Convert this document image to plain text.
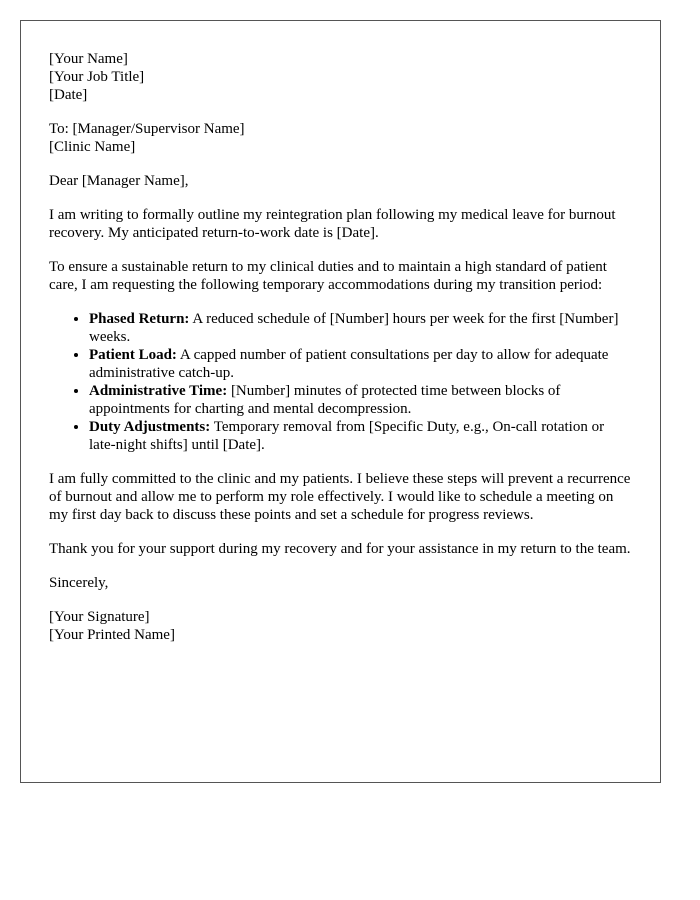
[Your Name]
[Your Job Title]
[Date]

To: [Manager/Supervisor Name]
[Clinic Name]

Dear [Manager Name],

I am writing to formally outline my reintegration plan following my medical leave for burnout recovery. My anticipated return-to-work date is [Date].

To ensure a sustainable return to my clinical duties and to maintain a high standard of patient care, I am requesting the following temporary accommodations during my transition period:

• Phased Return: A reduced schedule of [Number] hours per week for the first [Number] weeks.
• Patient Load: A capped number of patient consultations per day to allow for adequate administrative catch-up.
• Administrative Time: [Number] minutes of protected time between blocks of appointments for charting and mental decompression.
• Duty Adjustments: Temporary removal from [Specific Duty, e.g., On-call rotation or late-night shifts] until [Date].

I am fully committed to the clinic and my patients. I believe these steps will prevent a recurrence of burnout and allow me to perform my role effectively. I would like to schedule a meeting on my first day back to discuss these points and set a schedule for progress reviews.

Thank you for your support during my recovery and for your assistance in my return to the team.

Sincerely,

[Your Signature]
[Your Printed Name]
